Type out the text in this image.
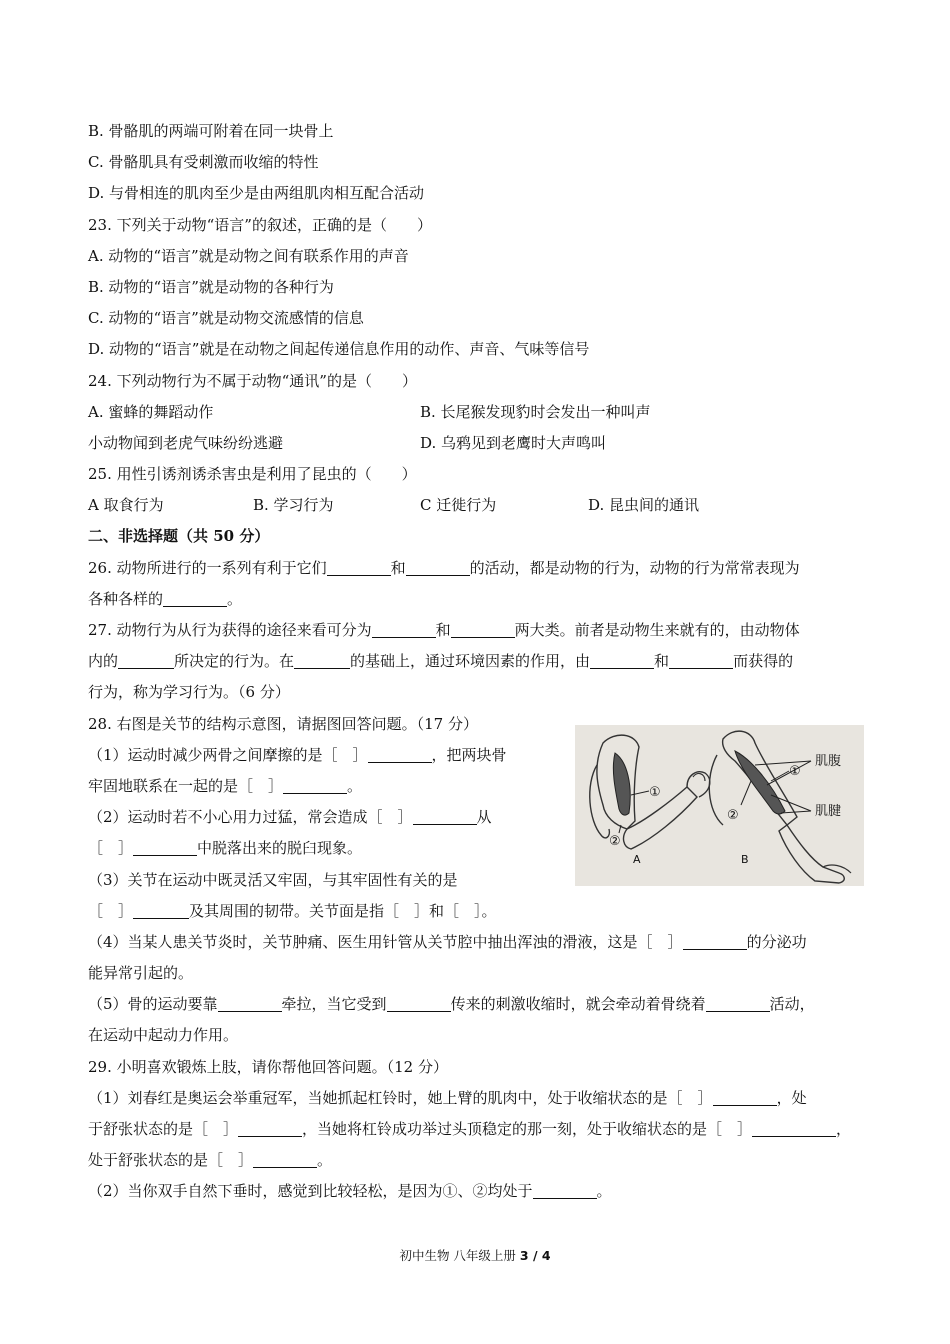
B. 骨骼肌的两端可附着在同一块骨上
C. 骨骼肌具有受刺激而收缩的特性
D. 与骨相连的肌肉至少是由两组肌肉相互配合活动
23. 下列关于动物“语言”的叙述，正确的是（　　）
A. 动物的“语言”就是动物之间有联系作用的声音
B. 动物的“语言”就是动物的各种行为
C. 动物的“语言”就是动物交流感情的信息
D. 动物的“语言”就是在动物之间起传递信息作用的动作、声音、气味等信号
24. 下列动物行为不属于动物“通讯”的是（　　）
A. 蜜蜂的舞蹈动作	B. 长尾猴发现豹时会发出一种叫声
小动物闻到老虎气味纷纷逃避	D. 乌鸦见到老鹰时大声鸣叫
25. 用性引诱剂诱杀害虫是利用了昆虫的（　　）
A 取食行为	B. 学习行为	C 迁徙行为	D. 昆虫间的通讯
二、非选择题（共 50 分）
26. 动物所进行的一系列有利于它们	和	的活动，都是动物的行为，动物的行为常常表现为
各种各样的	。
27. 动物行为从行为获得的途径来看可分为	和	两大类。前者是动物生来就有的，由动物体
内的	所决定的行为。在	的基础上，通过环境因素的作用，由	和	而获得的
行为，称为学习行为。（6 分）
28. 右图是关节的结构示意图，请据图回答问题。（17 分）
（1）运动时减少两骨之间摩擦的是［　］	，把两块骨
牢固地联系在一起的是［　］	。
（2）运动时若不小心用力过猛，常会造成［　］	从
［　］	中脱落出来的脱臼现象。
（3）关节在运动中既灵活又牢固，与其牢固性有关的是
［　］	及其周围的韧带。关节面是指［　］和［　］。
（4）当某人患关节炎时，关节肿痛、医生用针管从关节腔中抽出浑浊的滑液，这是［　］	的分泌功
能异常引起的。
（5）骨的运动要靠	牵拉，当它受到	传来的刺激收缩时，就会牵动着骨绕着	活动，
在运动中起动力作用。
29. 小明喜欢锻炼上肢，请你帮他回答问题。（12 分）
（1）刘春红是奥运会举重冠军，当她抓起杠铃时，她上臂的肌肉中，处于收缩状态的是［　］	，处
于舒张状态的是［　］	，当她将杠铃成功举过头顶稳定的那一刻，处于收缩状态的是［　］	，
处于舒张状态的是［　］	。
（2）当你双手自然下垂时，感觉到比较轻松，是因为①、②均处于	。
①
②
①
②
肌腹
肌腱
A	B
初中生物 八年级上册 3 / 4
